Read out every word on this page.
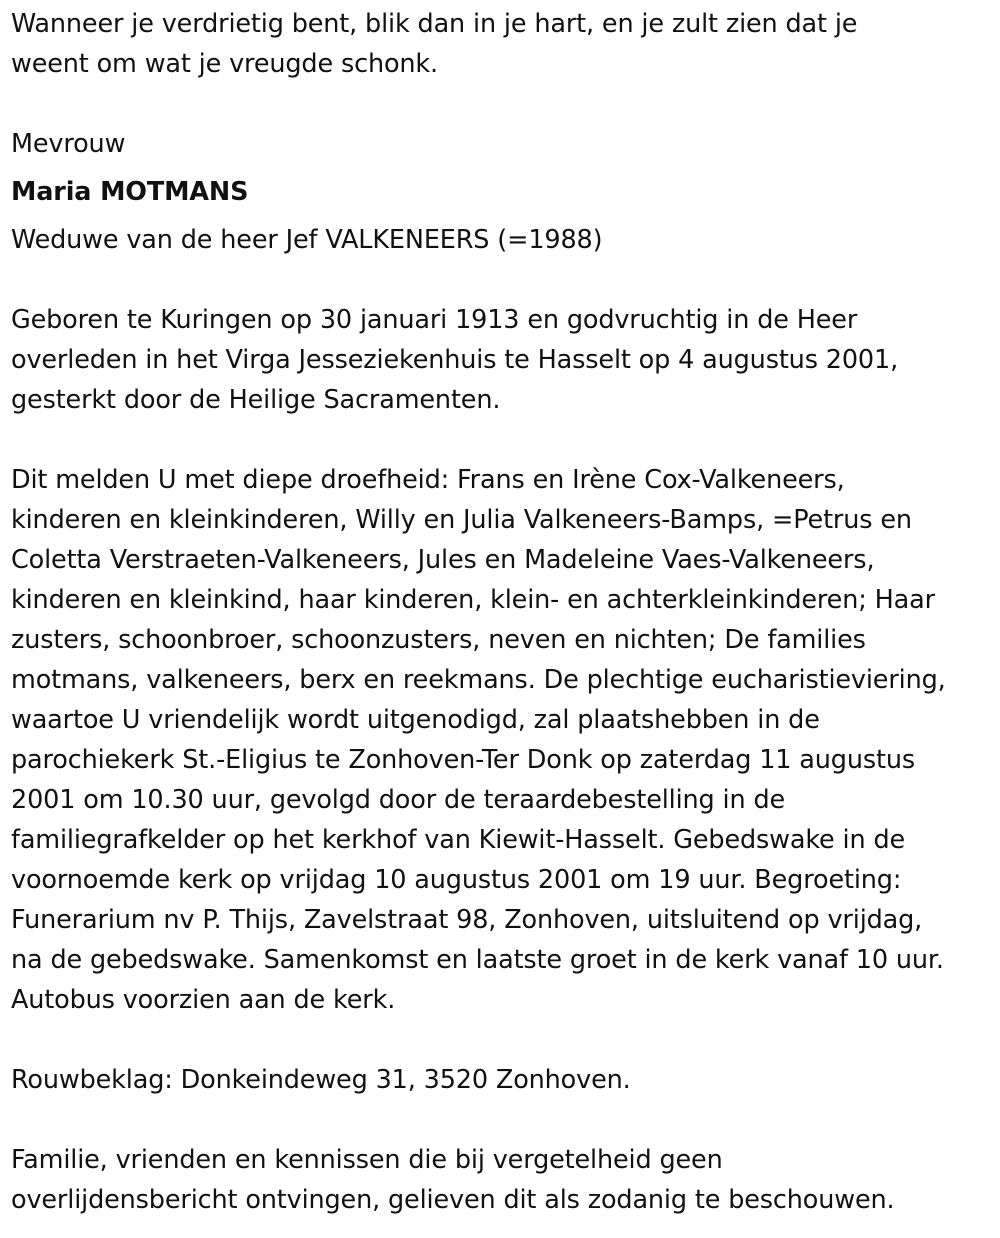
Wanneer je verdrietig bent, blik dan in je hart, en je zult zien dat je
weent om wat je vreugde schonk.

Mevrouw

Maria MOTMANS

Weduwe van de heer Jef VALKENEERS (=1988)

Geboren te Kuringen op 30 januari 1913 en godvruchtig in de Heer
overleden in het Virga Jesseziekenhuis te Hasselt op 4 augustus 2001,
gesterkt door de Heilige Sacramenten.

Dit melden U met diepe droefheid: Frans en Irène Cox-Valkeneers,
kinderen en kleinkinderen, Willy en Julia Valkeneers-Bamps, =Petrus en
Coletta Verstraeten-Valkeneers, Jules en Madeleine Vaes-Valkeneers,
kinderen en kleinkind, haar kinderen, klein- en achterkleinkinderen; Haar
zusters, schoonbroer, schoonzusters, neven en nichten; De families
motmans, valkeneers, berx en reekmans. De plechtige eucharistieviering,
waartoe U vriendelijk wordt uitgenodigd, zal plaatshebben in de
parochiekerk St.-Eligius te Zonhoven-Ter Donk op zaterdag 11 augustus
2001 om 10.30 uur, gevolgd door de teraardebestelling in de
familiegrafkelder op het kerkhof van Kiewit-Hasselt. Gebedswake in de
voornoemde kerk op vrijdag 10 augustus 2001 om 19 uur. Begroeting:
Funerarium nv P. Thijs, Zavelstraat 98, Zonhoven, uitsluitend op vrijdag,
na de gebedswake. Samenkomst en laatste groet in de kerk vanaf 10 uur.
Autobus voorzien aan de kerk.

Rouwbeklag: Donkeindeweg 31, 3520 Zonhoven.

Familie, vrienden en kennissen die bij vergetelheid geen
overlijdensbericht ontvingen, gelieven dit als zodanig te beschouwen.
